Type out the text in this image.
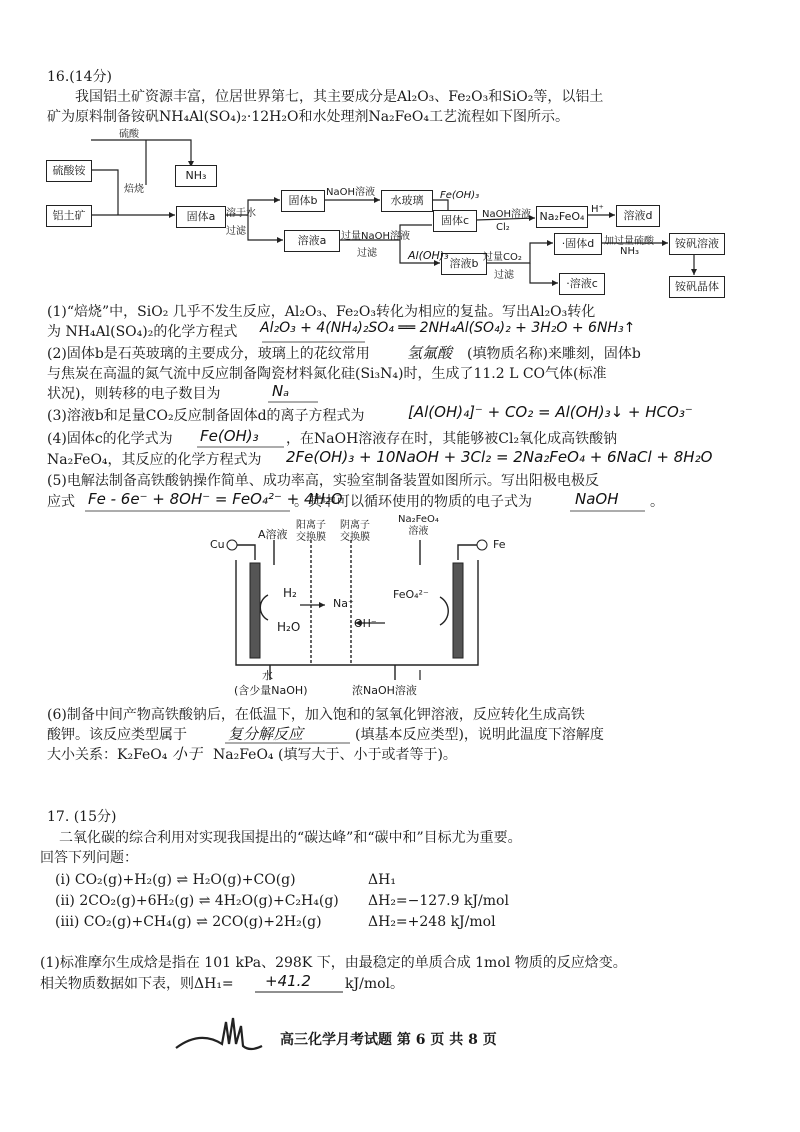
16.(14分)
我国铝土矿资源丰富，位居世界第七，其主要成分是Al₂O₃、Fe₂O₃和SiO₂等，以铝土
矿为原料制备铵矾NH₄Al(SO₄)₂·12H₂O和水处理剂Na₂FeO₄工艺流程如下图所示。
硫酸铵	NH₃
铝土矿	固体a
固体b	水玻璃
固体c	Na₂FeO₄	溶液d
溶液a	·固体d	铵矾溶液
溶液b
·溶液c	铵矾晶体
硫酸
焙烧
溶于水
过滤
NaOH溶液
过量NaOH溶液
过滤
NaOH溶液
Cl₂
H⁺
加过量硫酸
NH₃
过量CO₂
过滤
Fe(OH)₃
Al(OH)₃
(1)“焙烧”中，SiO₂ 几乎不发生反应，Al₂O₃、Fe₂O₃转化为相应的复盐。写出Al₂O₃转化
为 NH₄Al(SO₄)₂的化学方程式 Al₂O₃ + 4(NH₄)₂SO₄ ══ 2NH₄Al(SO₄)₂ + 3H₂O + 6NH₃↑
(2)固体b是石英玻璃的主要成分，玻璃上的花纹常用 氢氟酸 (填物质名称)来雕刻，固体b
与焦炭在高温的氮气流中反应制备陶瓷材料氮化硅(Si₃N₄)时，生成了11.2 L CO气体(标准
状况)，则转移的电子数目为	Nₐ
(3)溶液b和足量CO₂反应制备固体d的离子方程式为	[Al(OH)₄]⁻ + CO₂ = Al(OH)₃↓ + HCO₃⁻
(4)固体c的化学式为 Fe(OH)₃ ，在NaOH溶液存在时，其能够被Cl₂氧化成高铁酸钠
Na₂FeO₄，其反应的化学方程式为 2Fe(OH)₃ + 10NaOH + 3Cl₂ = 2Na₂FeO₄ + 6NaCl + 8H₂O
(5)电解法制备高铁酸钠操作简单、成功率高，实验室制备装置如图所示。写出阳极电极反
应式 Fe - 6e⁻ + 8OH⁻ = FeO₄²⁻ + 4H₂O
。其中可以循环使用的物质的电子式为	NaOH 。
A溶液
阳离子
交换膜
阴离子
交换膜
Na₂FeO₄
溶液
Cu	Fe
H₂
H₂O
Na⁺
OH⁻
FeO₄²⁻
水
(含少量NaOH)	浓NaOH溶液
(6)制备中间产物高铁酸钠后，在低温下，加入饱和的氢氧化钾溶液，反应转化生成高铁
酸钾。该反应类型属于	复分解反应	(填基本反应类型)，说明此温度下溶解度
大小关系：K₂FeO₄ 小于 Na₂FeO₄ (填写大于、小于或者等于)。
17. (15分)
二氧化碳的综合利用对实现我国提出的“碳达峰”和“碳中和”目标尤为重要。
回答下列问题：
(ⅰ) CO₂(g)+H₂(g) ⇌ H₂O(g)+CO(g)	ΔH₁
(ⅱ) 2CO₂(g)+6H₂(g) ⇌ 4H₂O(g)+C₂H₄(g) ΔH₂=−127.9 kJ/mol
(ⅲ) CO₂(g)+CH₄(g) ⇌ 2CO(g)+2H₂(g)	ΔH₂=+248 kJ/mol
(1)标准摩尔生成焓是指在 101 kPa、298K 下，由最稳定的单质合成 1mol 物质的反应焓变。
相关物质数据如下表，则ΔH₁= +41.2 kJ/mol。
高三化学月考试题 第 6 页 共 8 页
